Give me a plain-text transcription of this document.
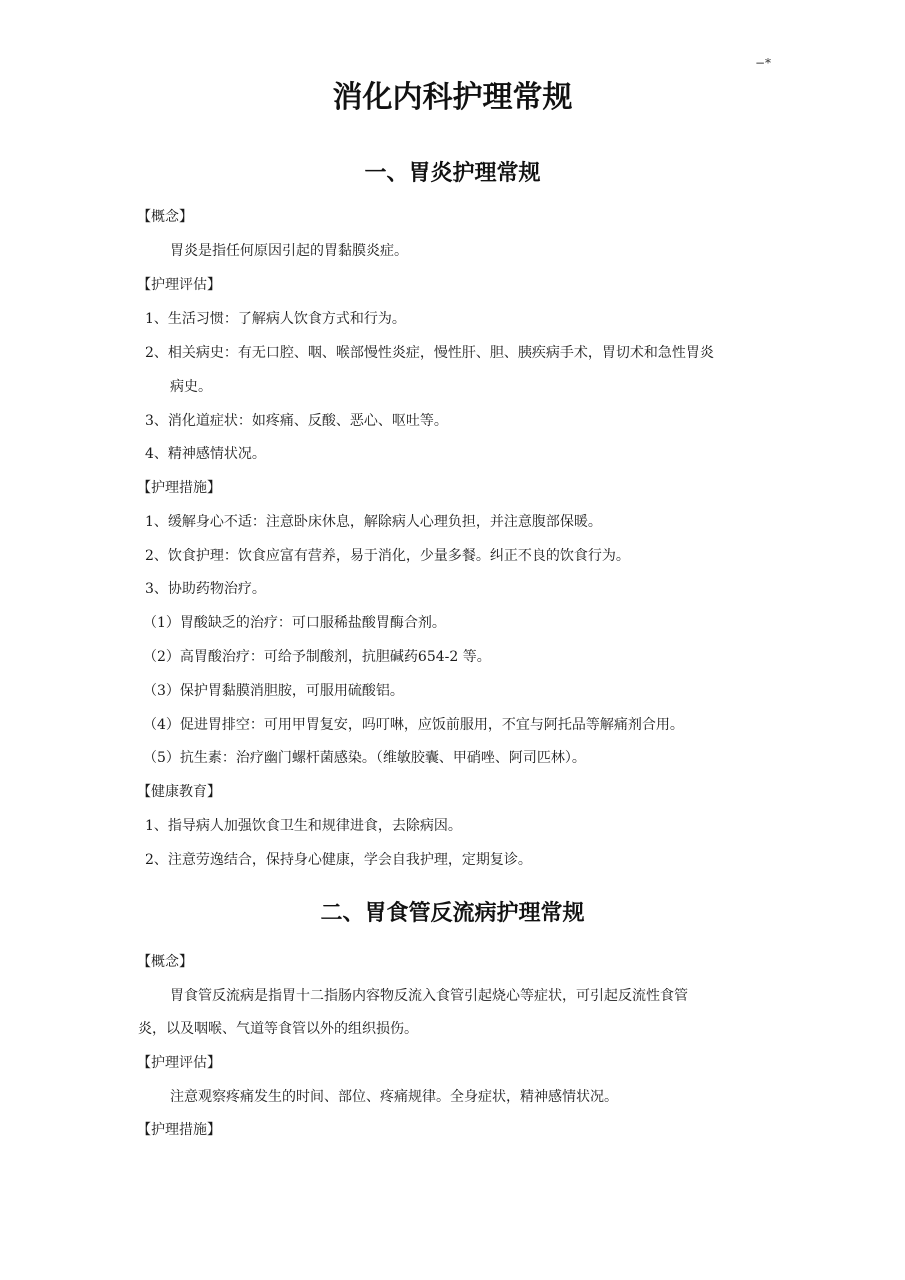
−*
消化内科护理常规
一、胃炎护理常规
【概念】
胃炎是指任何原因引起的胃黏膜炎症。
【护理评估】
1、生活习惯：了解病人饮食方式和行为。
2、相关病史：有无口腔、咽、喉部慢性炎症，慢性肝、胆、胰疾病手术，胃切术和急性胃炎
病史。
3、消化道症状：如疼痛、反酸、恶心、呕吐等。
4、精神感情状况。
【护理措施】
1、缓解身心不适：注意卧床休息，解除病人心理负担，并注意腹部保暖。
2、饮食护理：饮食应富有营养，易于消化，少量多餐。纠正不良的饮食行为。
3、协助药物治疗。
（1）胃酸缺乏的治疗：可口服稀盐酸胃酶合剂。
（2）高胃酸治疗：可给予制酸剂，抗胆碱药654-2 等。
（3）保护胃黏膜消胆胺，可服用硫酸铝。
（4）促进胃排空：可用甲胃复安，吗叮啉，应饭前服用，不宜与阿托品等解痛剂合用。
（5）抗生素：治疗幽门螺杆菌感染。（维敏胶囊、甲硝唑、阿司匹林）。
【健康教育】
1、指导病人加强饮食卫生和规律进食，去除病因。
2、注意劳逸结合，保持身心健康，学会自我护理，定期复诊。
二、胃食管反流病护理常规
【概念】
胃食管反流病是指胃十二指肠内容物反流入食管引起烧心等症状，可引起反流性食管
炎，以及咽喉、气道等食管以外的组织损伤。
【护理评估】
注意观察疼痛发生的时间、部位、疼痛规律。全身症状，精神感情状况。
【护理措施】
